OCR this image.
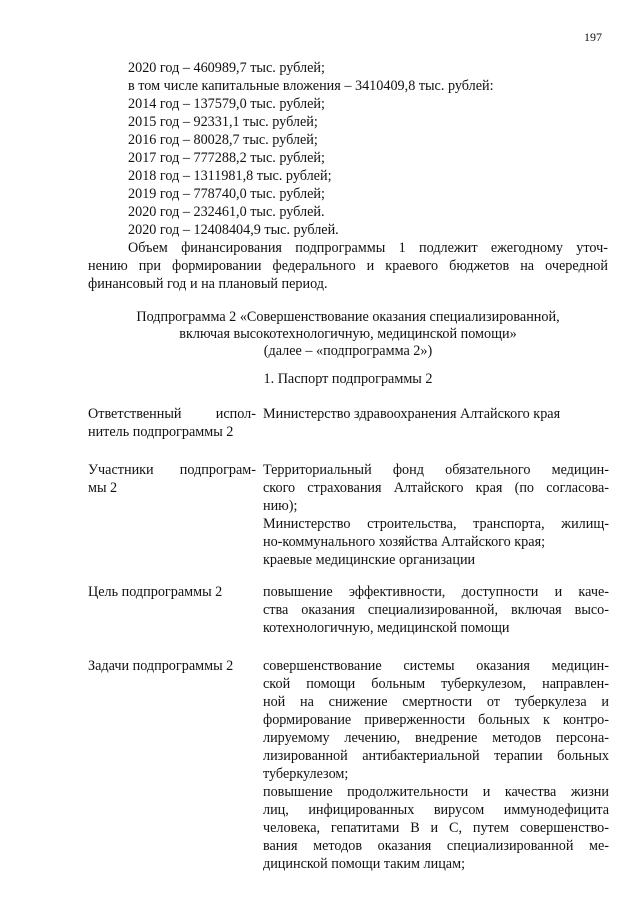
197
2020 год – 460989,7 тыс. рублей;
в том числе капитальные вложения – 3410409,8 тыс. рублей:
2014 год – 137579,0 тыс. рублей;
2015 год – 92331,1 тыс. рублей;
2016 год – 80028,7 тыс. рублей;
2017 год – 777288,2 тыс. рублей;
2018 год – 1311981,8 тыс. рублей;
2019 год – 778740,0 тыс. рублей;
2020 год – 232461,0 тыс. рублей.
2020 год – 12408404,9 тыс. рублей.
Объем финансирования подпрограммы 1 подлежит ежегодному уточ-
нению при формировании федерального и краевого бюджетов на очередной
финансовый год и на плановый период.
Подпрограмма 2 «Совершенствование оказания специализированной,
включая высокотехнологичную, медицинской помощи»
(далее – «подпрограмма 2»)
1. Паспорт подпрограммы 2
Ответственный испол-
нитель подпрограммы 2
Министерство здравоохранения Алтайского края
Участники подпрограм-
мы 2
Территориальный фонд обязательного медицин-
ского страхования Алтайского края (по согласова-
нию);
Министерство строительства, транспорта, жилищ-
но-коммунального хозяйства Алтайского края;
краевые медицинские организации
Цель подпрограммы 2	повышение эффективности, доступности и каче-
ства оказания специализированной, включая высо-
котехнологичную, медицинской помощи
Задачи подпрограммы 2	совершенствование системы оказания медицин-
ской помощи больным туберкулезом, направлен-
ной на снижение смертности от туберкулеза и
формирование приверженности больных к контро-
лируемому лечению, внедрение методов персона-
лизированной антибактериальной терапии больных
туберкулезом;
повышение продолжительности и качества жизни
лиц, инфицированных вирусом иммунодефицита
человека, гепатитами В и С, путем совершенство-
вания методов оказания специализированной ме-
дицинской помощи таким лицам;
